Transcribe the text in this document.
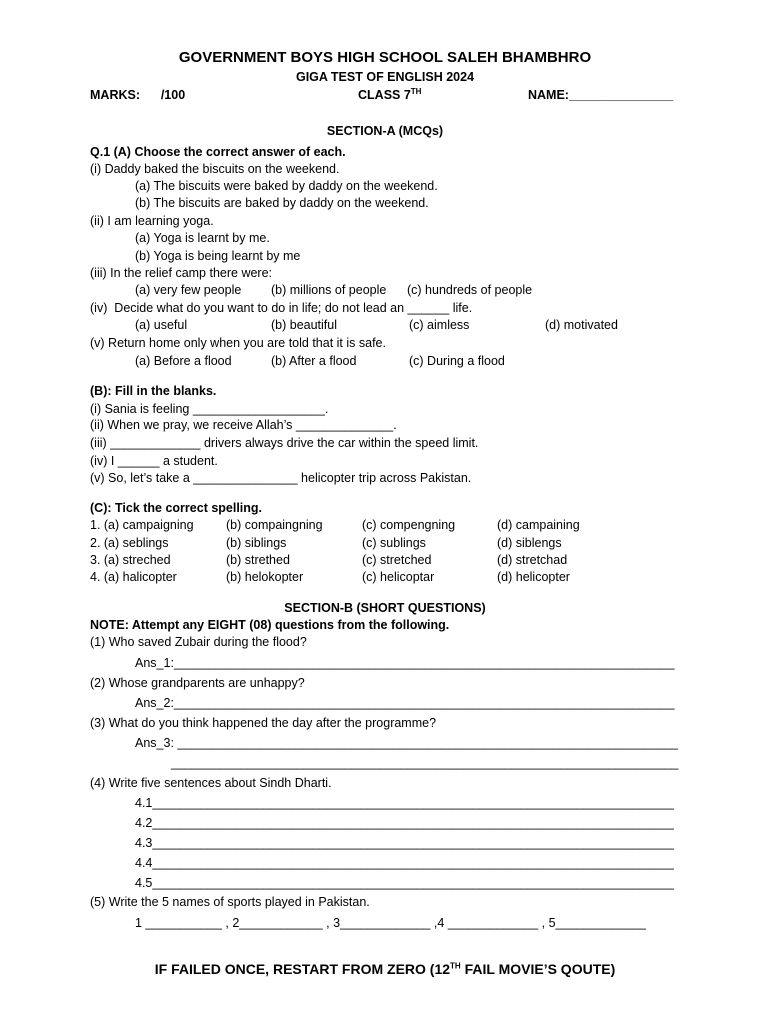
GOVERNMENT BOYS HIGH SCHOOL SALEH BHAMBHRO
GIGA TEST OF ENGLISH 2024
MARKS:      /100	CLASS 7TH	NAME:_______________
SECTION-A (MCQs)
Q.1 (A) Choose the correct answer of each.
(i) Daddy baked the biscuits on the weekend.
(a) The biscuits were baked by daddy on the weekend.
(b) The biscuits are baked by daddy on the weekend.
(ii) I am learning yoga.
(a) Yoga is learnt by me.
(b) Yoga is being learnt by me
(iii) In the relief camp there were:
(a) very few people (b) millions of people (c) hundreds of people
(iv)  Decide what do you want to do in life; do not lead an ______ life.
(a) useful	(b) beautiful	(c) aimless	(d) motivated
(v) Return home only when you are told that it is safe.
(a) Before a flood	(b) After a flood	(c) During a flood
(B): Fill in the blanks.
(i) Sania is feeling ___________________.
(ii) When we pray, we receive Allah’s ______________.
(iii) _____________ drivers always drive the car within the speed limit.
(iv) I ______ a student.
(v) So, let’s take a _______________ helicopter trip across Pakistan.
(C): Tick the correct spelling.
1. (a) campaigning	(b) compaingning	(c) compengning	(d) campaining
2. (a) seblings	(b) siblings	(c) sublings	(d) siblengs
3. (a) streched	(b) strethed	(c) stretched	(d) stretchad
4. (a) halicopter	(b) helokopter	(c) helicoptar	(d) helicopter
SECTION-B (SHORT QUESTIONS)
NOTE: Attempt any EIGHT (08) questions from the following.
(1) Who saved Zubair during the flood?
Ans_1:________________________________________________________________________
(2) Whose grandparents are unhappy?
Ans_2:________________________________________________________________________
(3) What do you think happened the day after the programme?
Ans_3: ________________________________________________________________________
_________________________________________________________________________
(4) Write five sentences about Sindh Dharti.
4.1___________________________________________________________________________
4.2___________________________________________________________________________
4.3___________________________________________________________________________
4.4___________________________________________________________________________
4.5___________________________________________________________________________
(5) Write the 5 names of sports played in Pakistan.
1 ___________ , 2____________ , 3_____________ ,4 _____________ , 5_____________
IF FAILED ONCE, RESTART FROM ZERO (12TH FAIL MOVIE’S QOUTE)
